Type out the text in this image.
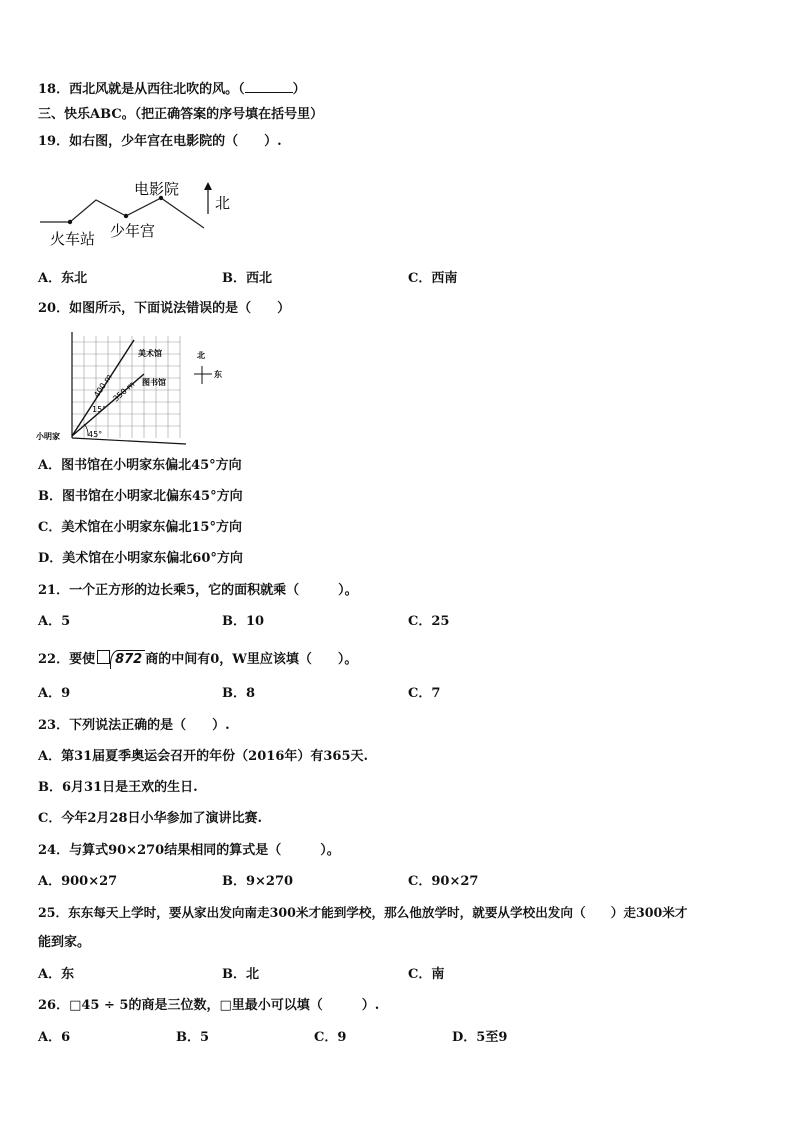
18．西北风就是从西往北吹的风。（	）
三、快乐ABC。（把正确答案的序号填在括号里）
19．如右图，少年宫在电影院的（　　）.
火车站 少年宫
电影院
北
A．东北	B．西北	C．西南
20．如图所示，下面说法错误的是（　　）
美术馆
图书馆
小明家
400 m
350 m
15°
45°
北
东
A．图书馆在小明家东偏北45°方向
B．图书馆在小明家北偏东45°方向
C．美术馆在小明家东偏北15°方向
D．美术馆在小明家东偏北60°方向
21．一个正方形的边长乘5，它的面积就乘（　　　）。
A．5	B．10	C．25
22．要使 872 商的中间有0，W里应该填（　　）。
A．9	B．8	C．7
23．下列说法正确的是（　　）.
A．第31届夏季奥运会召开的年份（2016年）有365天.
B．6月31日是王欢的生日.
C．今年2月28日小华参加了演讲比赛.
24．与算式90×270结果相同的算式是（　　　）。
A．900×27	B．9×270	C．90×27
25．东东每天上学时，要从家出发向南走300米才能到学校，那么他放学时，就要从学校出发向（　　）走300米才
能到家。
A．东	B．北	C．南
26．□45 ÷ 5的商是三位数，□里最小可以填（　　　）.
A．6	B．5	C．9	D．5至9
